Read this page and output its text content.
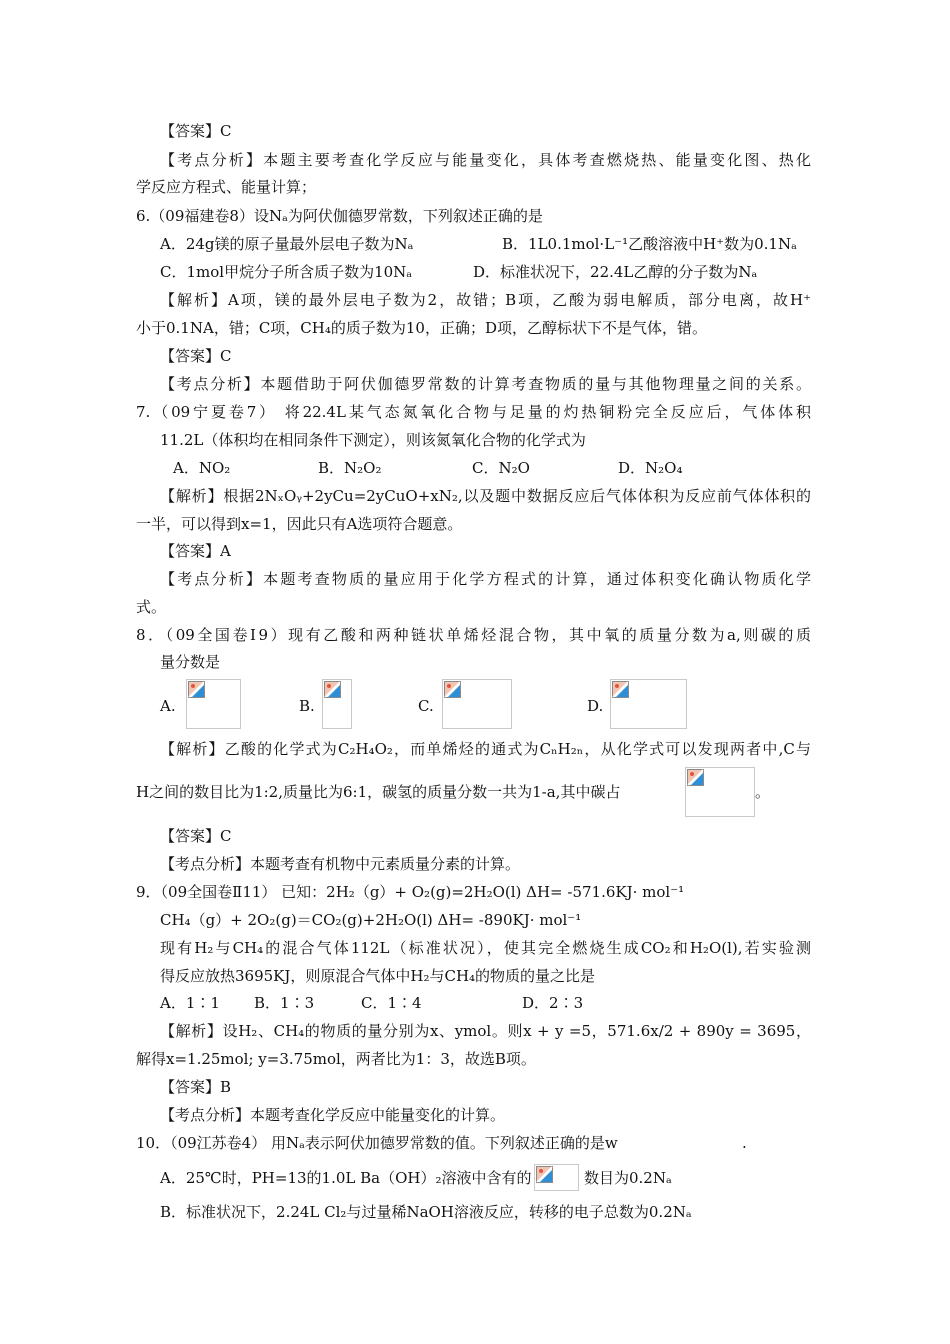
【答案】C
【考点分析】本题主要考查化学反应与能量变化，具体考查燃烧热、能量变化图、热化
学反应方程式、能量计算；
6.（09福建卷8）设Nₐ为阿伏伽德罗常数，下列叙述正确的是
A．24g镁的原子量最外层电子数为Nₐ	B．1L0.1mol·L⁻¹乙酸溶液中H⁺数为0.1Nₐ
C．1mol甲烷分子所含质子数为10Nₐ	D．标准状况下，22.4L乙醇的分子数为Nₐ
【解析】A项，镁的最外层电子数为2，故错；B项，乙酸为弱电解质，部分电离，故H⁺
小于0.1NA，错；C项，CH₄的质子数为10，正确；D项，乙醇标状下不是气体，错。
【答案】C
【考点分析】本题借助于阿伏伽德罗常数的计算考查物质的量与其他物理量之间的关系。
7.（09宁夏卷7） 将22.4L某气态氮氧化合物与足量的灼热铜粉完全反应后，气体体积
11.2L（体积均在相同条件下测定），则该氮氧化合物的化学式为
A．NO₂	B．N₂O₂	C．N₂O	D．N₂O₄
【解析】根据2NₓOᵧ+2yCu=2yCuO+xN₂,以及题中数据反应后气体体积为反应前气体体积的
一半，可以得到x=1，因此只有A选项符合题意。
【答案】A
【考点分析】本题考查物质的量应用于化学方程式的计算，通过体积变化确认物质化学
式。
8．（09全国卷Ⅰ9）现有乙酸和两种链状单烯烃混合物，其中氧的质量分数为a,则碳的质
量分数是
A.	B.	C.	D.
【解析】乙酸的化学式为C₂H₄O₂，而单烯烃的通式为CₙH₂ₙ，从化学式可以发现两者中,C与
H之间的数目比为1:2,质量比为6:1，碳氢的质量分数一共为1-a,其中碳占	。
【答案】C
【考点分析】本题考查有机物中元素质量分素的计算。
9．（09全国卷Ⅱ11） 已知：2H₂（g）+ O₂(g)=2H₂O(l) ΔH= -571.6KJ· mol⁻¹
CH₄（g）+ 2O₂(g)＝CO₂(g)+2H₂O(l) ΔH= -890KJ· mol⁻¹
现有H₂与CH₄的混合气体112L（标准状况），使其完全燃烧生成CO₂和H₂O(l),若实验测
得反应放热3695KJ，则原混合气体中H₂与CH₄的物质的量之比是
A．1∶1 B．1∶3	C．1∶4	D．2∶3
【解析】设H₂、CH₄的物质的量分别为x、ymol。则x + y =5，571.6x/2 + 890y = 3695，
解得x=1.25mol; y=3.75mol，两者比为1：3，故选B项。
【答案】B
【考点分析】本题考查化学反应中能量变化的计算。
10．（09江苏卷4） 用Nₐ表示阿伏加德罗常数的值。下列叙述正确的是w	.
A．25℃时，PH=13的1.0L Ba（OH）₂溶液中含有的	数目为0.2Nₐ
B．标准状况下，2.24L Cl₂与过量稀NaOH溶液反应，转移的电子总数为0.2Nₐ
